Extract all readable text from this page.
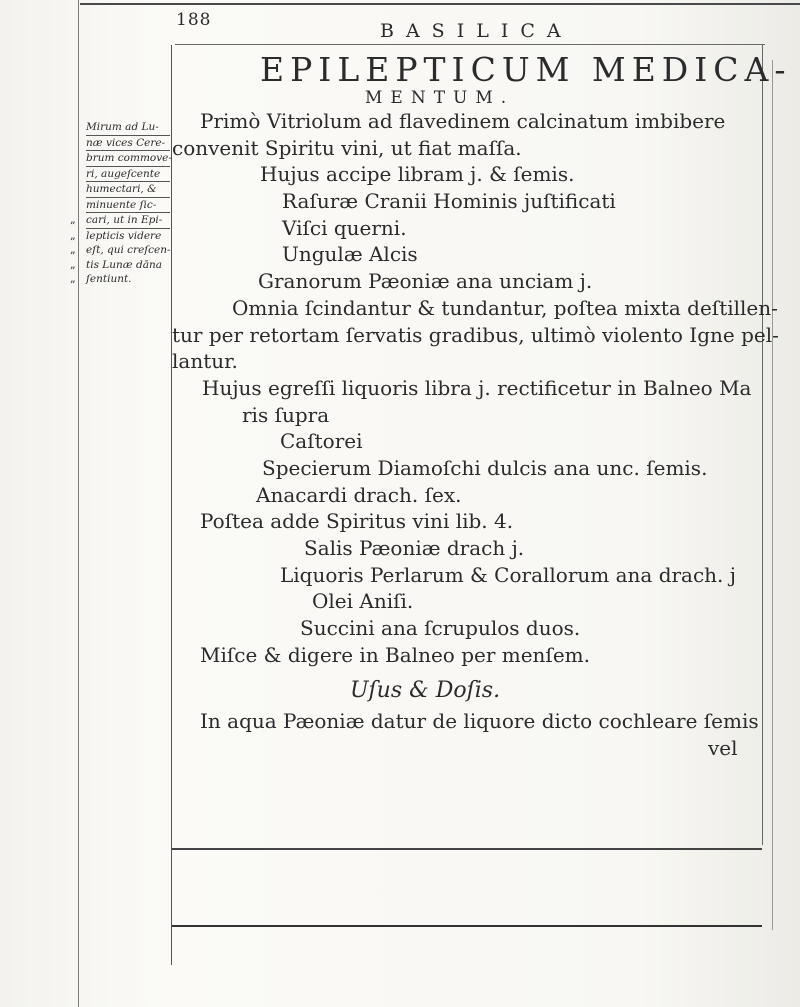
188	BASILICA
EPILEPTICUM MEDICA-
MENTUM.
Mirum ad Lu-
næ vices Cere-
brum commove-
ri, augeſcente
humectari, &
minuente ſic-
„ cari, ut in Epi-
„ lepticis videre
„ eſt, qui creſcen-
„ tis Lunæ dāna
„ ſentiunt.
Primò Vitriolum ad flavedinem calcinatum imbibere
convenit Spiritu vini, ut fiat maſſa.
Hujus accipe libram j. & ſemis.
Raſuræ Cranii Hominis juſtificati
Viſci querni.
Ungulæ Alcis
Granorum Pæoniæ ana unciam j.
Omnia ſcindantur & tundantur, poſtea mixta deſtillen-
tur per retortam ſervatis gradibus, ultimò violento Igne pel-
lantur.
Hujus egreſſi liquoris libra j. rectificetur in Balneo Ma
ris ſupra
Caſtorei
Specierum Diamoſchi dulcis ana unc. ſemis.
Anacardi drach. ſex.
Poſtea adde Spiritus vini lib. 4.
Salis Pæoniæ drach j.
Liquoris Perlarum & Corallorum ana drach. j
Olei Aniſi.
Succini ana ſcrupulos duos.
Miſce & digere in Balneo per menſem.
Uſus & Doſis.
In aqua Pæoniæ datur de liquore dicto cochleare ſemis
vel
